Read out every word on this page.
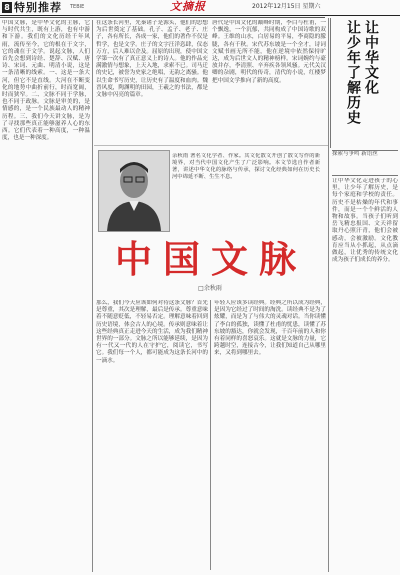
8 特别推荐 TEBIE	文摘报	2012年12月15日 星期六
中国文脉，是中华文化的主脉，它与时代共生，既有上游，也有中游和下游。我们的文化历经千年风雨，流传至今，它的根在于文字，它的魂在于文学。说起文脉，人们首先会想到诗经、楚辞、汉赋、唐诗、宋词、元曲、明清小说，这是一条清晰的线索。一、这是一条大河，但它不是直线。大河在不断变化的地势中曲折前行，时而宽阔，时而狭窄。二、文脉不同于学脉，也不同于政脉。文脉是审美的，是情感的，是一个民族最动人的精神历程。三、我们今天讲文脉，是为了寻找那些真正能够滋养人心的东西。它们代表着一种高度，一种温度，也是一种深度。
在这条长河里，先秦诸子是源头，他们的思想为后世奠定了基础。孔子、孟子、老子、庄子，各有所长，各成一家，他们的著作不仅是哲学，也是文学。庄子的文字汪洋恣肆，仪态万方，后人难以企及。屈原的出现，使中国文学第一次有了真正意义上的诗人。他的作品充满激情与想象，上天入地，求索不已。司马迁的史记，被誉为史家之绝唱，无韵之离骚。他以生命书写历史，让历史有了温度和血肉。魏晋风度，陶渊明的田园，王羲之的书法，都是文脉中闪亮的篇章。
唐代是中国文化的巅峰时期，李白与杜甫，一个飘逸，一个沉郁，共同构成了中国诗歌的双峰。王维的山水，白居易的平易，李商隐的朦胧，各有千秋。宋代苏东坡是一个全才，诗词文赋书画无所不能，他在逆境中依然保持旷达，成为后世文人的精神榜样。宋词婉约与豪放并存，李清照、辛弃疾各领风骚。元代关汉卿的杂剧，明代的传奇，清代的小说，红楼梦把中国文学推向了新的高度。
余秋雨 著名文化学者、作家。其文化散文开创了散文写作的新境界，对当代中国文化产生了广泛影响。本文节选自作者新著，讲述中华文化的脉络与传承，探讨文化经典如何在历史长河中绵延不断、生生不息。
中国文脉
□余秋雨
那么，我们今天应该如何对待这条文脉？首先是尊重，其次是理解，最后是传承。尊重意味着不随意贬低，不轻易否定。理解意味着回到历史语境，体会古人的心境。传承则意味着让这些经典真正走进今天的生活，成为我们精神世界的一部分。文脉之所以能够延续，是因为有一代又一代的人在守护它，阅读它，书写它。我们每一个人，都可能成为这条长河中的一滴水。
年轻人应该多读经典。经典之所以成为经典，是因为它经过了时间的淘洗。读经典不是为了炫耀，而是为了与伟大的灵魂对话。当你读懂了李白的孤独，读懂了杜甫的忧患，读懂了苏东坡的豁达，你就会发现，千百年前的人和你有着同样的喜怒哀乐。这就是文脉的力量，它跨越时空，连接古今，让我们知道自己从哪里来，又将到哪里去。
让中华文化
让少年了解历史
探索与争鸣 新语丝
让中华文化走进孩子的心里，让少年了解历史，是每个家庭和学校的责任。历史不是枯燥的年代和事件，而是一个个鲜活的人物和故事。当孩子们听到岳飞精忠报国、文天祥留取丹心照汗青，他们会被感动，会被激励。文化教育应当从小抓起，从点滴做起，让优秀的传统文化成为孩子们成长的养分。
